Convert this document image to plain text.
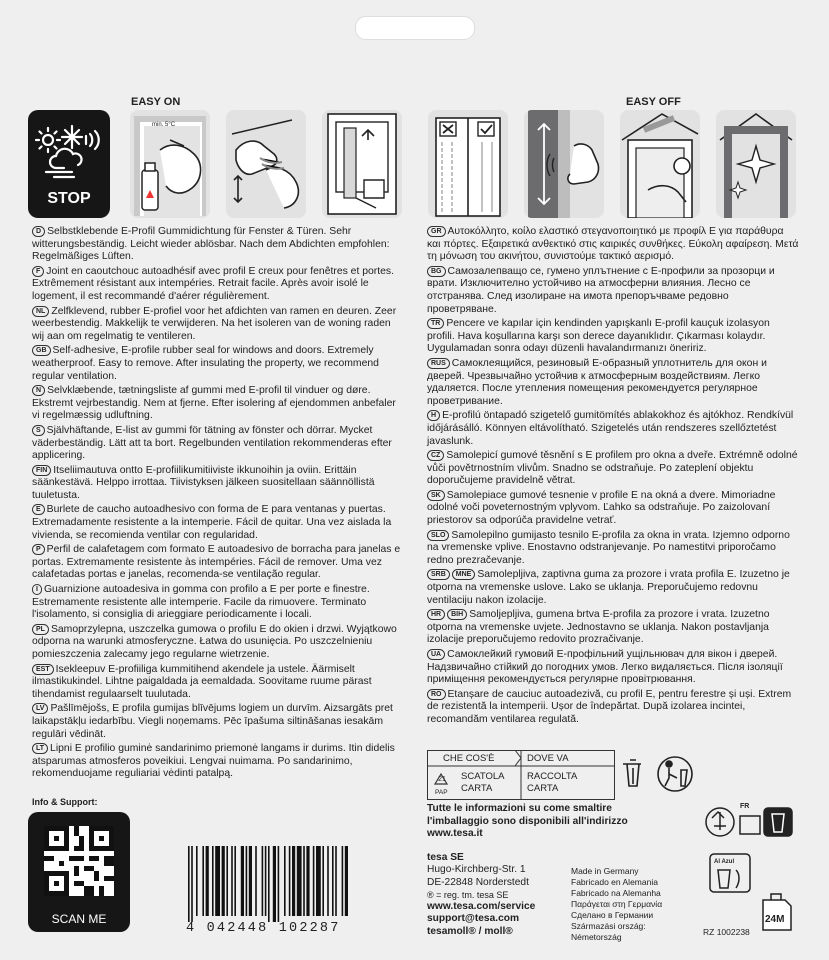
EASY ON	EASY OFF
STOP
min. 5°C
D Selbstklebende E-Profil Gummidichtung für Fenster & Türen. Sehr witterungsbeständig. Leicht wieder ablösbar. Nach dem Abdichten empfohlen: Regelmäßiges Lüften.
F Joint en caoutchouc autoadhésif avec profil E creux pour fenêtres et portes. Extrêmement résistant aux intempéries. Retrait facile. Après avoir isolé le logement, il est recommandé d'aérer régulièrement.
NL Zelfklevend, rubber E-profiel voor het afdichten van ramen en deuren. Zeer weerbestendig. Makkelijk te verwijderen. Na het isoleren van de woning raden wij aan om regelmatig te ventileren.
GB Self-adhesive, E-profile rubber seal for windows and doors. Extremely weatherproof. Easy to remove. After insulating the property, we recommend regular ventilation.
N Selvklæbende, tætningsliste af gummi med E-profil til vinduer og døre. Ekstremt vejrbestandig. Nem at fjerne. Efter isolering af ejendommen anbefaler vi regelmæssig udluftning.
S Självhäftande, E-list av gummi för tätning av fönster och dörrar. Mycket väderbeständig. Lätt att ta bort. Regelbunden ventilation rekommenderas efter applicering.
FIN Itseliimautuva ontto E-profiilikumitiiviste ikkunoihin ja oviin. Erittäin säänkestävä. Helppo irrottaa. Tiivistyksen jälkeen suositellaan säännöllistä tuuletusta.
E Burlete de caucho autoadhesivo con forma de E para ventanas y puertas. Extremadamente resistente a la intemperie. Fácil de quitar. Una vez aislada la vivienda, se recomienda ventilar con regularidad.
P Perfil de calafetagem com formato E autoadesivo de borracha para janelas e portas. Extremamente resistente às intempéries. Fácil de remover. Uma vez calafetadas portas e janelas, recomenda-se ventilação regular.
I Guarnizione autoadesiva in gomma con profilo a E per porte e finestre. Estremamente resistente alle intemperie. Facile da rimuovere. Terminato l'isolamento, si consiglia di arieggiare periodicamente i locali.
PL Samoprzylepna, uszczelka gumowa o profilu E do okien i drzwi. Wyjątkowo odporna na warunki atmosferyczne. Łatwa do usunięcia. Po uszczelnieniu pomieszczenia zalecamy jego regularne wietrzenie.
EST Isekleepuv E-profiiliga kummitihend akendele ja ustele. Äärmiselt ilmastikukindel. Lihtne paigaldada ja eemaldada. Soovitame ruume pärast tihendamist regulaarselt tuulutada.
LV Pašlīmējošs, E profila gumijas blīvējums logiem un durvīm. Aizsargāts pret laikapstākļu iedarbību. Viegli noņemams. Pēc īpašuma siltināšanas iesakām regulāri vēdināt.
LT Lipni E profilio guminė sandarinimo priemonė langams ir durims. Itin didelis atsparumas atmosferos poveikiui. Lengvai nuimama. Po sandarinimo, rekomenduojame reguliariai vėdinti patalpą.
GR Αυτοκόλλητο, κοίλο ελαστικό στεγανοποιητικό με προφίλ Ε για παράθυρα και πόρτες. Εξαιρετικά ανθεκτικό στις καιρικές συνθήκες. Εύκολη αφαίρεση. Μετά τη μόνωση του ακινήτου, συνιστούμε τακτικό αερισμό.
BG Самозалепващо се, гумено уплътнение с Е-профили за прозорци и врати. Изключително устойчиво на атмосферни влияния. Лесно се отстранява. След изолиране на имота препоръчваме редовно проветряване.
TR Pencere ve kapılar için kendinden yapışkanlı E-profil kauçuk izolasyon profili. Hava koşullarına karşı son derece dayanıklıdır. Çıkarması kolaydır. Uygulamadan sonra odayı düzenli havalandırmanızı öneririz.
RUS Самоклеящийся, резиновый Е-образный уплотнитель для окон и дверей. Чрезвычайно устойчив к атмосферным воздействиям. Легко удаляется. После утепления помещения рекомендуется регулярное проветривание.
H E-profilú öntapadó szigetelő gumitömítés ablakokhoz és ajtókhoz. Rendkívül időjárásálló. Könnyen eltávolítható. Szigetelés után rendszeres szellőztetést javaslunk.
CZ Samolepicí gumové těsnění s E profilem pro okna a dveře. Extrémně odolné vůči povětrnostním vlivům. Snadno se odstraňuje. Po zateplení objektu doporučujeme pravidelně větrat.
SK Samolepiace gumové tesnenie v profile E na okná a dvere. Mimoriadne odolné voči poveternostným vplyvom. Ľahko sa odstraňuje. Po zaizolovaní priestorov sa odporúča pravidelne vetrať.
SLO Samolepilno gumijasto tesnilo E-profila za okna in vrata. Izjemno odporno na vremenske vplive. Enostavno odstranjevanje. Po namestitvi priporočamo redno prezračevanje.
SRB MNE Samolepljiva, zaptivna guma za prozore i vrata profila E. Izuzetno je otporna na vremenske uslove. Lako se uklanja. Preporučujemo redovnu ventilaciju nakon izolacije.
HR BIH Samoljepljiva, gumena brtva E-profila za prozore i vrata. Izuzetno otporna na vremenske uvjete. Jednostavno se uklanja. Nakon postavljanja izolacije preporučujemo redovito prozračivanje.
UA Самоклейкий гумовий Е-профільний ущільнювач для вікон і дверей. Надзвичайно стійкий до погодних умов. Легко видаляється. Після ізоляції приміщення рекомендується регулярне провітрювання.
RO Etanșare de cauciuc autoadezivă, cu profil E, pentru ferestre și uși. Extrem de rezistentă la intemperii. Ușor de îndepărtat. După izolarea incintei, recomandăm ventilarea regulată.
CHE COS'È	DOVE VA
21
PAP
SCATOLA
CARTA
RACCOLTA
CARTA
Tutte le informazioni su come smaltire
l'imballaggio sono disponibili all'indirizzo
www.tesa.it
FR
Info & Support:
SCAN ME
4 042448 102287
tesa SE
Hugo-Kirchberg-Str. 1
DE-22848 Norderstedt
® = reg. tm. tesa SE
www.tesa.com/service
support@tesa.com
tesamoll® / moll®
Made in Germany
Fabricado en Alemania
Fabricado na Alemanha
Παράγεται στη Γερμανία
Сделано в Германии
Származási ország:
Németország
Al Azul
24M
RZ 1002238
